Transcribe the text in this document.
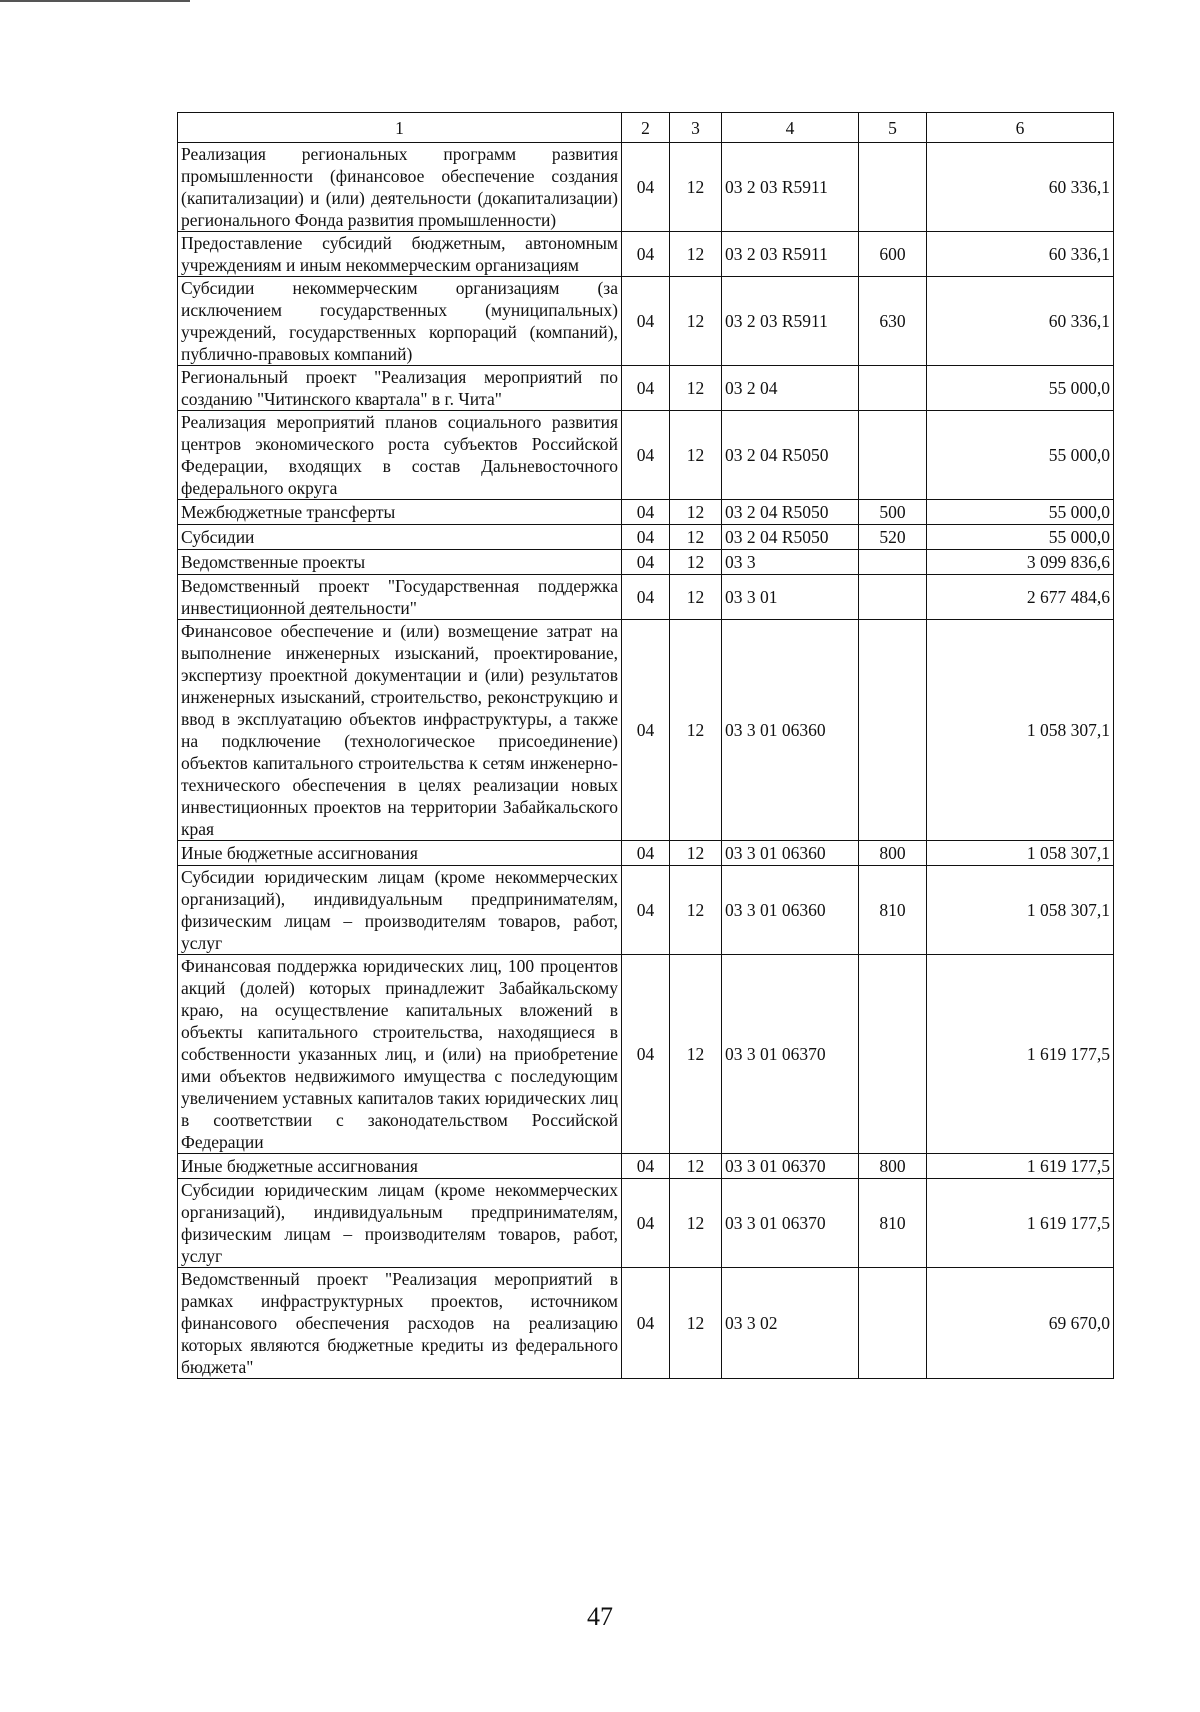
1	2	3	4	5	6
Реализация региональных программ развития промышленности (финансовое обеспечение создания (капитализации) и (или) деятельности (докапитализации) регионального Фонда развития промышленности)	04	12	03 2 03 R5911		60 336,1
Предоставление субсидий бюджетным, автономным учреждениям и иным некоммерческим организациям	04	12	03 2 03 R5911	600	60 336,1
Субсидии некоммерческим организациям (за исключением государственных (муниципальных) учреждений, государственных корпораций (компаний), публично-правовых компаний)	04	12	03 2 03 R5911	630	60 336,1
Региональный проект "Реализация мероприятий по созданию "Читинского квартала" в г. Чита"	04	12	03 2 04		55 000,0
Реализация мероприятий планов социального развития центров экономического роста субъектов Российской Федерации, входящих в состав Дальневосточного федерального округа	04	12	03 2 04 R5050		55 000,0
Межбюджетные трансферты	04	12	03 2 04 R5050	500	55 000,0
Субсидии	04	12	03 2 04 R5050	520	55 000,0
Ведомственные проекты	04	12	03 3		3 099 836,6
Ведомственный проект "Государственная поддержка инвестиционной деятельности"	04	12	03 3 01		2 677 484,6
Финансовое обеспечение и (или) возмещение затрат на выполнение инженерных изысканий, проектирование, экспертизу проектной документации и (или) результатов инженерных изысканий, строительство, реконструкцию и ввод в эксплуатацию объектов инфраструктуры, а также на подключение (технологическое присоединение) объектов капитального строительства к сетям инженерно-технического обеспечения в целях реализации новых инвестиционных проектов на территории Забайкальского края	04	12	03 3 01 06360		1 058 307,1
Иные бюджетные ассигнования	04	12	03 3 01 06360	800	1 058 307,1
Субсидии юридическим лицам (кроме некоммерческих организаций), индивидуальным предпринимателям, физическим лицам – производителям товаров, работ, услуг	04	12	03 3 01 06360	810	1 058 307,1
Финансовая поддержка юридических лиц, 100 процентов акций (долей) которых принадлежит Забайкальскому краю, на осуществление капитальных вложений в объекты капитального строительства, находящиеся в собственности указанных лиц, и (или) на приобретение ими объектов недвижимого имущества с последующим увеличением уставных капиталов таких юридических лиц в соответствии с законодательством Российской Федерации	04	12	03 3 01 06370		1 619 177,5
Иные бюджетные ассигнования	04	12	03 3 01 06370	800	1 619 177,5
Субсидии юридическим лицам (кроме некоммерческих организаций), индивидуальным предпринимателям, физическим лицам – производителям товаров, работ, услуг	04	12	03 3 01 06370	810	1 619 177,5
Ведомственный проект "Реализация мероприятий в рамках инфраструктурных проектов, источником финансового обеспечения расходов на реализацию которых являются бюджетные кредиты из федерального бюджета"	04	12	03 3 02		69 670,0
47
